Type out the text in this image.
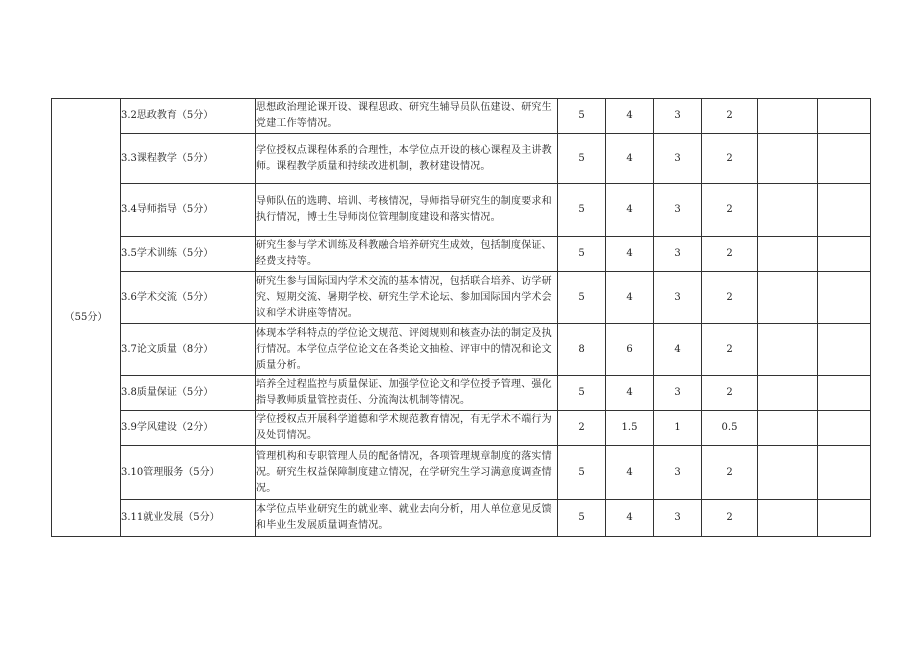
（55分）	3.2思政教育（5分）	思想政治理论课开设、课程思政、研究生辅导员队伍建设、研究生党建工作等情况。	5	4	3	2		
	3.3课程教学（5分）	学位授权点课程体系的合理性，本学位点开设的核心课程及主讲教师。课程教学质量和持续改进机制，教材建设情况。	5	4	3	2		
	3.4导师指导（5分）	导师队伍的选聘、培训、考核情况，导师指导研究生的制度要求和执行情况，博士生导师岗位管理制度建设和落实情况。	5	4	3	2		
	3.5学术训练（5分）	研究生参与学术训练及科教融合培养研究生成效，包括制度保证、经费支持等。	5	4	3	2		
	3.6学术交流（5分）	研究生参与国际国内学术交流的基本情况，包括联合培养、访学研究、短期交流、暑期学校、研究生学术论坛、参加国际国内学术会议和学术讲座等情况。	5	4	3	2		
	3.7论文质量（8分）	体现本学科特点的学位论文规范、评阅规则和核查办法的制定及执行情况。本学位点学位论文在各类论文抽检、评审中的情况和论文质量分析。	8	6	4	2		
	3.8质量保证（5分）	培养全过程监控与质量保证、加强学位论文和学位授予管理、强化指导教师质量管控责任、分流淘汰机制等情况。	5	4	3	2		
	3.9学风建设（2分）	学位授权点开展科学道德和学术规范教育情况，有无学术不端行为及处罚情况。	2	1.5	1	0.5		
	3.10管理服务（5分）	管理机构和专职管理人员的配备情况，各项管理规章制度的落实情况。研究生权益保障制度建立情况，在学研究生学习满意度调查情况。	5	4	3	2		
	3.11就业发展（5分）	本学位点毕业研究生的就业率、就业去向分析，用人单位意见反馈和毕业生发展质量调查情况。	5	4	3	2		
